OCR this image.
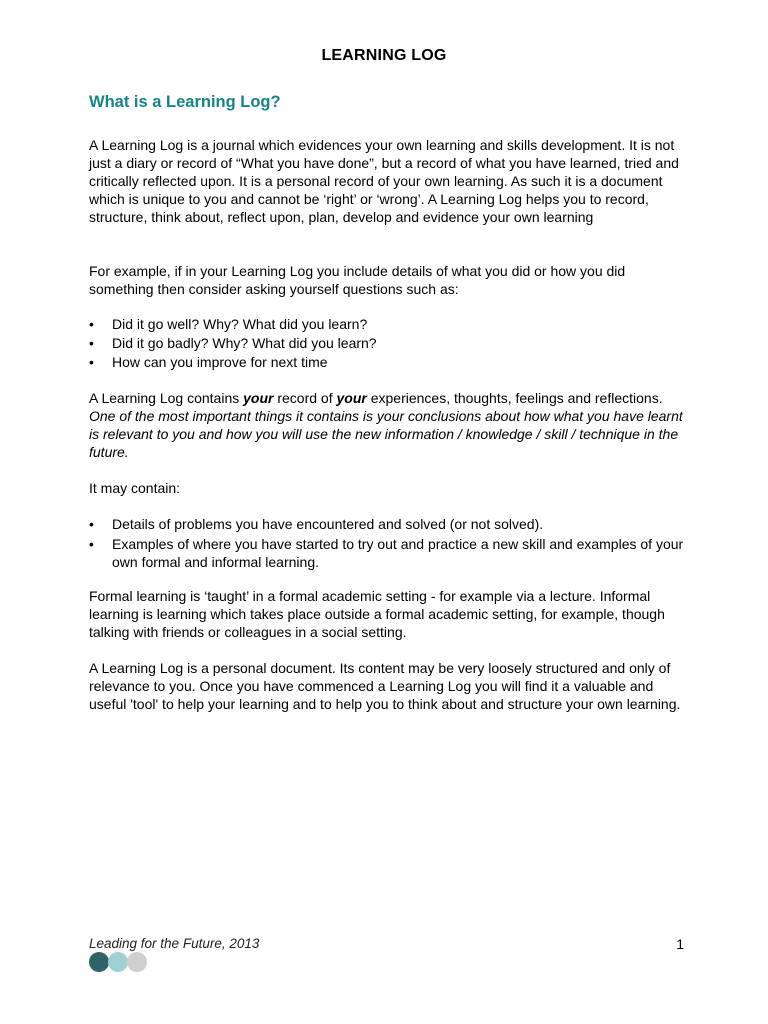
LEARNING LOG
What is a Learning Log?
A Learning Log is a journal which evidences your own learning and skills development. It is not just a diary or record of “What you have done”, but a record of what you have learned, tried and critically reflected upon. It is a personal record of your own learning. As such it is a document which is unique to you and cannot be ‘right’ or ‘wrong’. A Learning Log helps you to record, structure, think about, reflect upon, plan, develop and evidence your own learning
For example, if in your Learning Log you include details of what you did or how you did something then consider asking yourself questions such as:
• Did it go well? Why? What did you learn?
• Did it go badly? Why? What did you learn?
• How can you improve for next time
A Learning Log contains your record of your experiences, thoughts, feelings and reflections. One of the most important things it contains is your conclusions about how what you have learnt is relevant to you and how you will use the new information / knowledge / skill / technique in the future.
It may contain:
• Details of problems you have encountered and solved (or not solved).
• Examples of where you have started to try out and practice a new skill and examples of your own formal and informal learning.
Formal learning is ‘taught’ in a formal academic setting - for example via a lecture. Informal learning is learning which takes place outside a formal academic setting, for example, though talking with friends or colleagues in a social setting.
A Learning Log is a personal document. Its content may be very loosely structured and only of relevance to you. Once you have commenced a Learning Log you will find it a valuable and useful 'tool' to help your learning and to help you to think about and structure your own learning.
Leading for the Future, 2013	1
